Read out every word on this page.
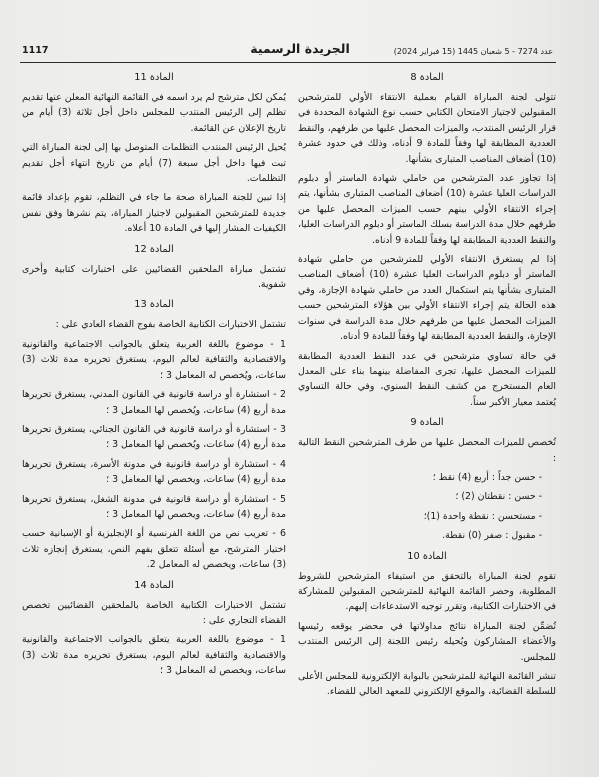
1117	الجريدة الرسمية	عدد 7274 - 5 شعبان 1445 (15 فبراير 2024)
المادة 8

تتولى لجنة المباراة القيام بعملية الانتقاء الأولي للمترشحين المقبولين لاجتياز الامتحان الكتابي حسب نوع الشهادة المحددة في قرار الرئيس المنتدب، والميزات المحصل عليها من طرفهم، والنقط العددية المطابقة لها وفقاً للمادة 9 أدناه، وذلك في حدود عشرة (10) أضعاف المناصب المتبارى بشأنها.

إذا تجاوز عدد المترشحين من حاملي شهادة الماستر أو دبلوم الدراسات العليا عشرة (10) أضعاف المناصب المتبارى بشأنها، يتم إجراء الانتقاء الأولي بينهم حسب الميزات المحصل عليها من طرفهم خلال مدة الدراسة بسلك الماستر أو دبلوم الدراسات العليا، والنقط العددية المطابقة لها وفقاً للمادة 9 أدناه.

إذا لم يستغرق الانتقاء الأولي للمترشحين من حاملي شهادة الماستر أو دبلوم الدراسات العليا عشرة (10) أضعاف المناصب المتبارى بشأنها يتم استكمال العدد من حاملي شهادة الإجازة، وفي هذه الحالة يتم إجراء الانتقاء الأولي بين هؤلاء المترشحين حسب الميزات المحصل عليها من طرفهم خلال مدة الدراسة في سنوات الإجازة، والنقط العددية المطابقة لها وفقاً للمادة 9 أدناه.

في حالة تساوي مترشحين في عدد النقط العددية المطابقة للميزات المحصل عليها، تجرى المفاضلة بينهما بناء على المعدل العام المستخرج من كشف النقط السنوي، وفي حالة التساوي يُعتمد معيار الأكبر سناً.

المادة 9

تُخصص للميزات المحصل عليها من طرف المترشحين النقط التالية :

- حسن جداً : أربع (4) نقط ؛

- حسن : نقطتان (2) ؛

- مستحسن : نقطة واحدة (1)؛

- مقبول : صفر (0) نقطة.

المادة 10

تقوم لجنة المباراة بالتحقق من استيفاء المترشحين للشروط المطلوبة، وحصر القائمة النهائية للمترشحين المقبولين للمشاركة في الاختبارات الكتابية، وتقرر توجيه الاستدعاءات إليهم.

تُضمِّن لجنة المباراة نتائج مداولاتها في محضر يوقعه رئيسها والأعضاء المشاركون ويُحيله رئيس اللجنة إلى الرئيس المنتدب للمجلس.

تنشر القائمة النهائية للمترشحين بالبوابة الإلكترونية للمجلس الأعلى للسلطة القضائية، والموقع الإلكتروني للمعهد العالي للقضاء.

المادة 11

يُمكن لكل مترشح لم يرد اسمه في القائمة النهائية المعلن عنها تقديم تظلم إلى الرئيس المنتدب للمجلس داخل أجل ثلاثة (3) أيام من تاريخ الإعلان عن القائمة.

يُحيل الرئيس المنتدب التظلمات المتوصل بها إلى لجنة المباراة التي تبت فيها داخل أجل سبعة (7) أيام من تاريخ انتهاء أجل تقديم التظلمات.

إذا تبين للجنة المباراة صحة ما جاء في التظلم، تقوم بإعداد قائمة جديدة للمترشحين المقبولين لاجتياز المباراة، يتم نشرها وفق نفس الكيفيات المشار إليها في المادة 10 أعلاه.

المادة 12

تشتمل مباراة الملحقين القضائيين على اختبارات كتابية وأخرى شفوية.

المادة 13

تشتمل الاختبارات الكتابية الخاصة بفوج القضاء العادي على :

1 - موضوع باللغة العربية يتعلق بالجوانب الاجتماعية والقانونية والاقتصادية والثقافية لعالم اليوم، يستغرق تحريره مدة ثلاث (3) ساعات، ويُخصص له المعامل 3 ؛

2 - استشارة أو دراسة قانونية في القانون المدني، يستغرق تحريرها مدة أربع (4) ساعات، ويُخصص لها المعامل 3 ؛

3 - استشارة أو دراسة قانونية في القانون الجنائي، يستغرق تحريرها مدة أربع (4) ساعات، ويُخصص لها المعامل 3 ؛

4 - استشارة أو دراسة قانونية في مدونة الأسرة، يستغرق تحريرها مدة أربع (4) ساعات، ويخصص لها المعامل 3 ؛

5 - استشارة أو دراسة قانونية في مدونة الشغل، يستغرق تحريرها مدة أربع (4) ساعات، ويخصص لها المعامل 3 ؛

6 - تعريب نص من اللغة الفرنسية أو الإنجليزية أو الإسبانية حسب اختيار المترشح، مع أسئلة تتعلق بفهم النص، يستغرق إنجازه ثلاث (3) ساعات، ويخصص له المعامل 2.

المادة 14

تشتمل الاختبارات الكتابية الخاصة بالملحقين القضائيين تخصص القضاء التجاري على :

1 - موضوع باللغة العربية يتعلق بالجوانب الاجتماعية والقانونية والاقتصادية والثقافية لعالم اليوم، يستغرق تحريره مدة ثلاث (3) ساعات، ويخصص له المعامل 3 ؛
